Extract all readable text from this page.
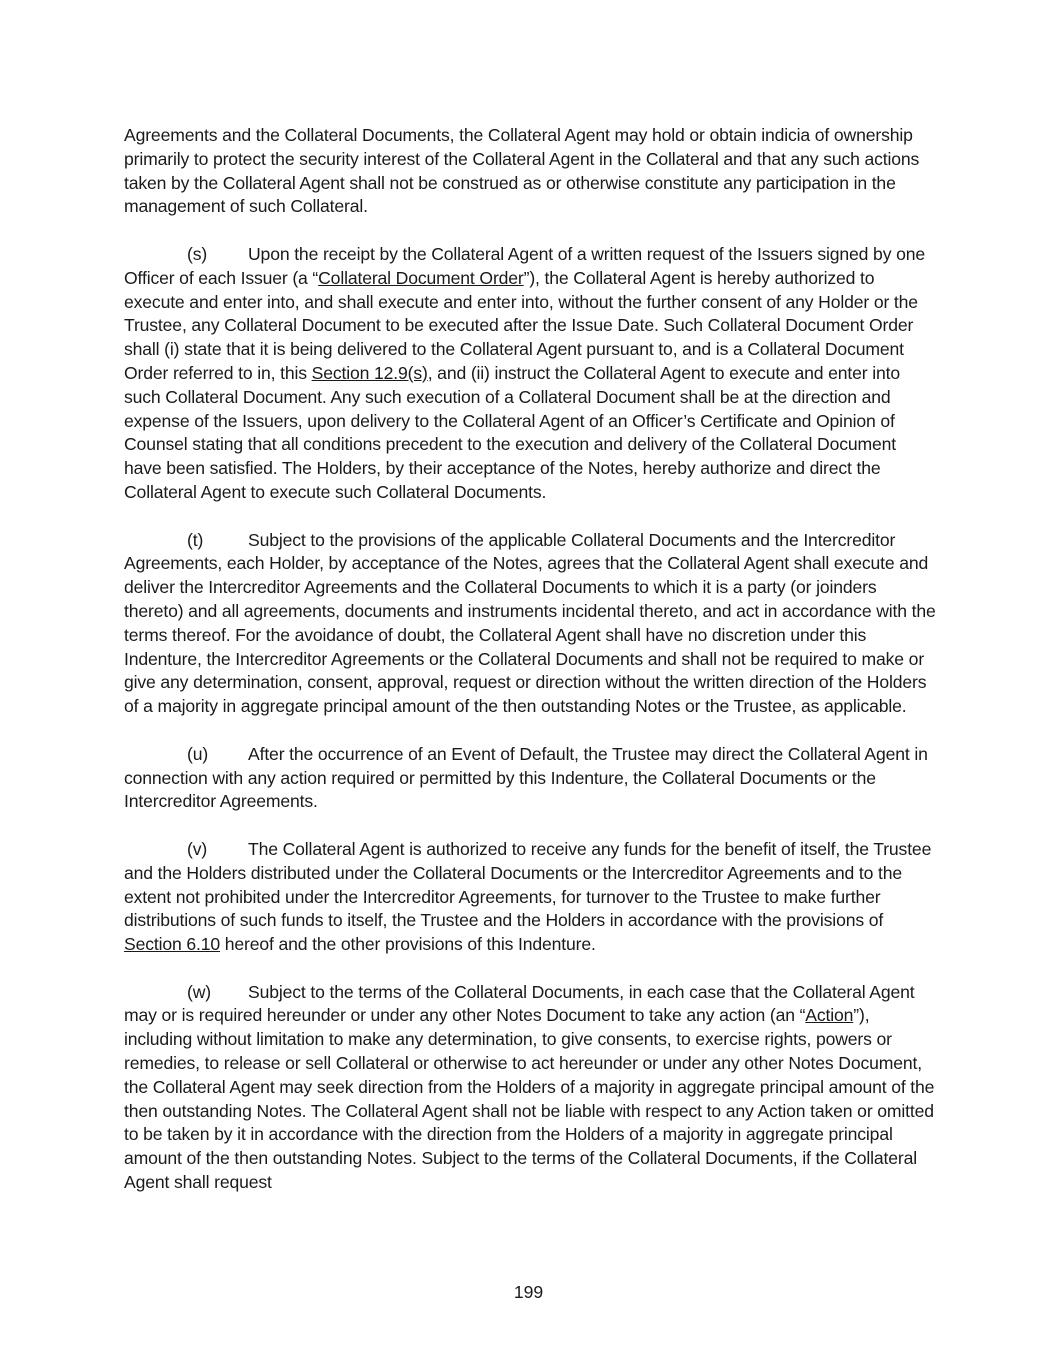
Agreements and the Collateral Documents, the Collateral Agent may hold or obtain indicia of ownership primarily to protect the security interest of the Collateral Agent in the Collateral and that any such actions taken by the Collateral Agent shall not be construed as or otherwise constitute any participation in the management of such Collateral.

(s) Upon the receipt by the Collateral Agent of a written request of the Issuers signed by one Officer of each Issuer (a “Collateral Document Order”), the Collateral Agent is hereby authorized to execute and enter into, and shall execute and enter into, without the further consent of any Holder or the Trustee, any Collateral Document to be executed after the Issue Date. Such Collateral Document Order shall (i) state that it is being delivered to the Collateral Agent pursuant to, and is a Collateral Document Order referred to in, this Section 12.9(s), and (ii) instruct the Collateral Agent to execute and enter into such Collateral Document. Any such execution of a Collateral Document shall be at the direction and expense of the Issuers, upon delivery to the Collateral Agent of an Officer’s Certificate and Opinion of Counsel stating that all conditions precedent to the execution and delivery of the Collateral Document have been satisfied. The Holders, by their acceptance of the Notes, hereby authorize and direct the Collateral Agent to execute such Collateral Documents.

(t)	Subject to the provisions of the applicable Collateral Documents and the Intercreditor Agreements, each Holder, by acceptance of the Notes, agrees that the Collateral Agent shall execute and deliver the Intercreditor Agreements and the Collateral Documents to which it is a party (or joinders thereto) and all agreements, documents and instruments incidental thereto, and act in accordance with the terms thereof. For the avoidance of doubt, the Collateral Agent shall have no discretion under this Indenture, the Intercreditor Agreements or the Collateral Documents and shall not be required to make or give any determination, consent, approval, request or direction without the written direction of the Holders of a majority in aggregate principal amount of the then outstanding Notes or the Trustee, as applicable.

(u) After the occurrence of an Event of Default, the Trustee may direct the Collateral Agent in connection with any action required or permitted by this Indenture, the Collateral Documents or the Intercreditor Agreements.

(v) The Collateral Agent is authorized to receive any funds for the benefit of itself, the Trustee and the Holders distributed under the Collateral Documents or the Intercreditor Agreements and to the extent not prohibited under the Intercreditor Agreements, for turnover to the Trustee to make further distributions of such funds to itself, the Trustee and the Holders in accordance with the provisions of Section 6.10 hereof and the other provisions of this Indenture.

(w) Subject to the terms of the Collateral Documents, in each case that the Collateral Agent may or is required hereunder or under any other Notes Document to take any action (an “Action”), including without limitation to make any determination, to give consents, to exercise rights, powers or remedies, to release or sell Collateral or otherwise to act hereunder or under any other Notes Document, the Collateral Agent may seek direction from the Holders of a majority in aggregate principal amount of the then outstanding Notes. The Collateral Agent shall not be liable with respect to any Action taken or omitted to be taken by it in accordance with the direction from the Holders of a majority in aggregate principal amount of the then outstanding Notes. Subject to the terms of the Collateral Documents, if the Collateral Agent shall request

199
